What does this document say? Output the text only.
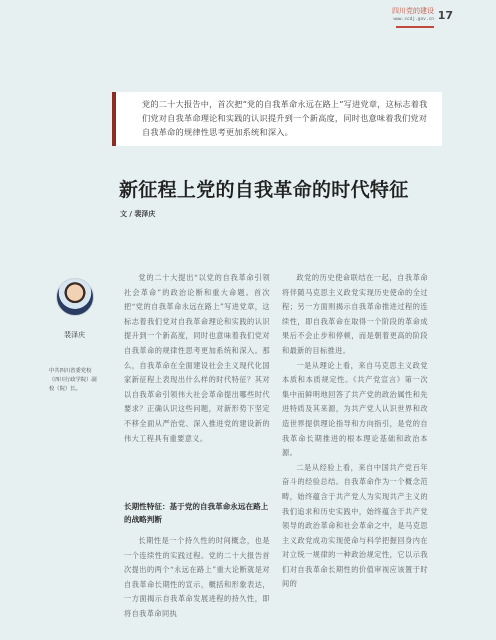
四川党的建设
www.scdj.gov.cn 17

党的二十大报告中，首次把“党的自我革命永远在路上”写进党章，这标志着我们党对自我革命理论和实践的认识提升到一个新高度，同时也意味着我们党对自我革命的规律性思考更加系统和深入。

新征程上党的自我革命的时代特征
文 / 裴泽庆
裴泽庆
中共四川省委党校（四川行政学院）副校（院）长。

党的二十大提出“以党的自我革命引领社会革命”的政治论断和重大命题。首次把“党的自我革命永远在路上”写进党章，这标志着我们党对自我革命理论和实践的认识提升到一个新高度，同时也意味着我们党对自我革命的规律性思考更加系统和深入。那么，自我革命在全面建设社会主义现代化国家新征程上表现出什么样的时代特征？其对以自我革命引领伟大社会革命提出哪些时代要求？正确认识这些问题，对新形势下坚定不移全面从严治党、深入推进党的建设新的伟大工程具有重要意义。

长期性特征：基于党的自我革命永远在路上的战略判断

长期性是一个持久性的时间概念，也是一个连续性的实践过程。党的二十大报告首次提出的两个“永远在路上”重大论断就是对自我革命长期性的宣示，概括和形象表达，一方面揭示自我革命发展进程的持久性，即将自我革命同执

政党的历史使命联结在一起，自我革命将伴随马克思主义政党实现历史使命的全过程；另一方面则揭示自我革命推进过程的连续性，即自我革命在取得一个阶段的革命成果后不会止步和停顿，而是朝着更高的阶段和最新的目标推进。

一是从理论上看，来自马克思主义政党本质和本质规定性。《共产党宣言》第一次集中而鲜明地回答了共产党的政治属性和先进特质及其来源，为共产党人认识世界和改造世界提供理论指导和方向指引，是党的自我革命长期推进的根本理论基础和政治本源。

二是从经验上看，来自中国共产党百年奋斗的经验总结。自我革命作为一个概念范畴，始终蕴含于共产党人为实现共产主义的我们追求和历史实践中，始终蕴含于共产党领导的政治革命和社会革命之中，是马克思主义政党成功实现使命与科学把握回身内在对立统一规律的一种政治规定性，它以示我们对自我革命长期性的价值审视应该置于时间的
